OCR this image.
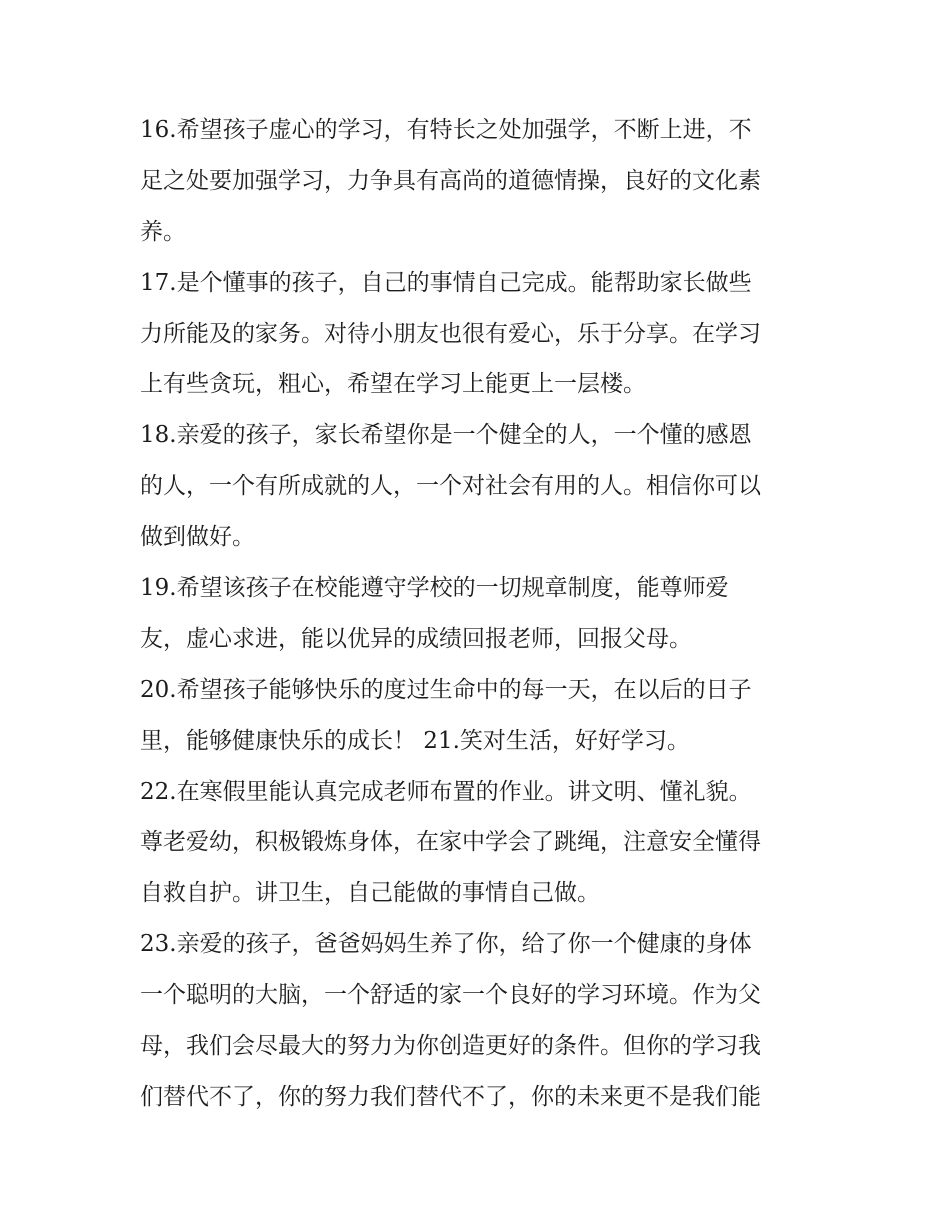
16.希望孩子虚心的学习，有特长之处加强学，不断上进，不
足之处要加强学习，力争具有高尚的道德情操，良好的文化素
养。
17.是个懂事的孩子，自己的事情自己完成。能帮助家长做些
力所能及的家务。对待小朋友也很有爱心，乐于分享。在学习
上有些贪玩，粗心，希望在学习上能更上一层楼。
18.亲爱的孩子，家长希望你是一个健全的人，一个懂的感恩
的人，一个有所成就的人，一个对社会有用的人。相信你可以
做到做好。
19.希望该孩子在校能遵守学校的一切规章制度，能尊师爱
友，虚心求进，能以优异的成绩回报老师，回报父母。
20.希望孩子能够快乐的度过生命中的每一天，在以后的日子
里，能够健康快乐的成长！ 21.笑对生活，好好学习。
22.在寒假里能认真完成老师布置的作业。讲文明、懂礼貌。
尊老爱幼，积极锻炼身体，在家中学会了跳绳，注意安全懂得
自救自护。讲卫生，自己能做的事情自己做。
23.亲爱的孩子，爸爸妈妈生养了你，给了你一个健康的身体
一个聪明的大脑，一个舒适的家一个良好的学习环境。作为父
母，我们会尽最大的努力为你创造更好的条件。但你的学习我
们替代不了，你的努力我们替代不了，你的未来更不是我们能
